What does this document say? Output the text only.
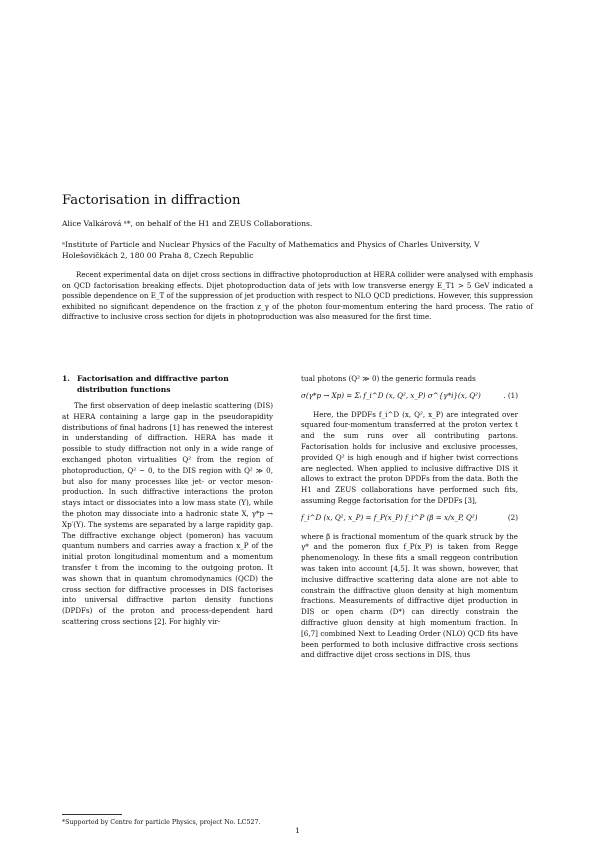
Factorisation in diffraction
Alice Valkárová ᵃ*, on behalf of the H1 and ZEUS Collaborations.
ᵃInstitute of Particle and Nuclear Physics of the Faculty of Mathematics and Physics of Charles University, V Holešovičkách 2, 180 00 Praha 8, Czech Republic

Recent experimental data on dijet cross sections in diffractive photoproduction at HERA collider were analysed with emphasis on QCD factorisation breaking effects. Dijet photoproduction data of jets with low transverse energy E_T1 > 5 GeV indicated a possible dependence on E_T of the suppression of jet production with respect to NLO QCD predictions. However, this suppression exhibited no significant dependence on the fraction z_γ of the photon four-momentum entering the hard process. The ratio of diffractive to inclusive cross section for dijets in photoproduction was also measured for the first time.

1. Factorisation and diffractive parton distribution functions

The first observation of deep inelastic scattering (DIS) at HERA containing a large gap in the pseudorapidity distributions of final hadrons [1] has renewed the interest in understanding of diffraction. HERA has made it possible to study diffraction not only in a wide range of exchanged photon virtualities Q² from the region of photoproduction, Q² ~ 0, to the DIS region with Q² ≫ 0, but also for many processes like jet- or vector meson-production. In such diffractive interactions the proton stays intact or dissociates into a low mass state (Y), while the photon may dissociate into a hadronic state X, γ*p → Xp′(Y). The systems are separated by a large rapidity gap. The diffractive exchange object (pomeron) has vacuum quantum numbers and carries away a fraction x_P of the initial proton longitudinal momentum and a momentum transfer t from the incoming to the outgoing proton. It was shown that in quantum chromodynamics (QCD) the cross section for diffractive processes in DIS factorises into universal diffractive parton density functions (DPDFs) of the proton and process-dependent hard scattering cross sections [2]. For highly vir-

tual photons (Q² ≫ 0) the generic formula reads

σ(γ*p → Xp) = Σᵢ f_i^D (x, Q², x_P) σ^{γ*i}(x, Q²)	. (1)

Here, the DPDFs f_i^D (x, Q², x_P) are integrated over squared four-momentum transferred at the proton vertex t and the sum runs over all contributing partons. Factorisation holds for inclusive and exclusive processes, provided Q² is high enough and if higher twist corrections are neglected. When applied to inclusive diffractive DIS it allows to extract the proton DPDFs from the data. Both the H1 and ZEUS collaborations have performed such fits, assuming Regge factorisation for the DPDFs [3],

f_i^D (x, Q², x_P) = f_P(x_P) f_i^P (β = x/x_P, Q²)	(2)

where β is fractional momentum of the quark struck by the γ* and the pomeron flux f_P(x_P) is taken from Regge phenomenology. In these fits a small reggeon contribution was taken into account [4,5]. It was shown, however, that inclusive diffractive scattering data alone are not able to constrain the diffractive gluon density at high momentum fractions. Measurements of diffractive dijet production in DIS or open charm (D*) can directly constrain the diffractive gluon density at high momentum fraction. In [6,7] combined Next to Leading Order (NLO) QCD fits have been performed to both inclusive diffractive cross sections and diffractive dijet cross sections in DIS, thus

*Supported by Centre for particle Physics, project No. LC527.
1
